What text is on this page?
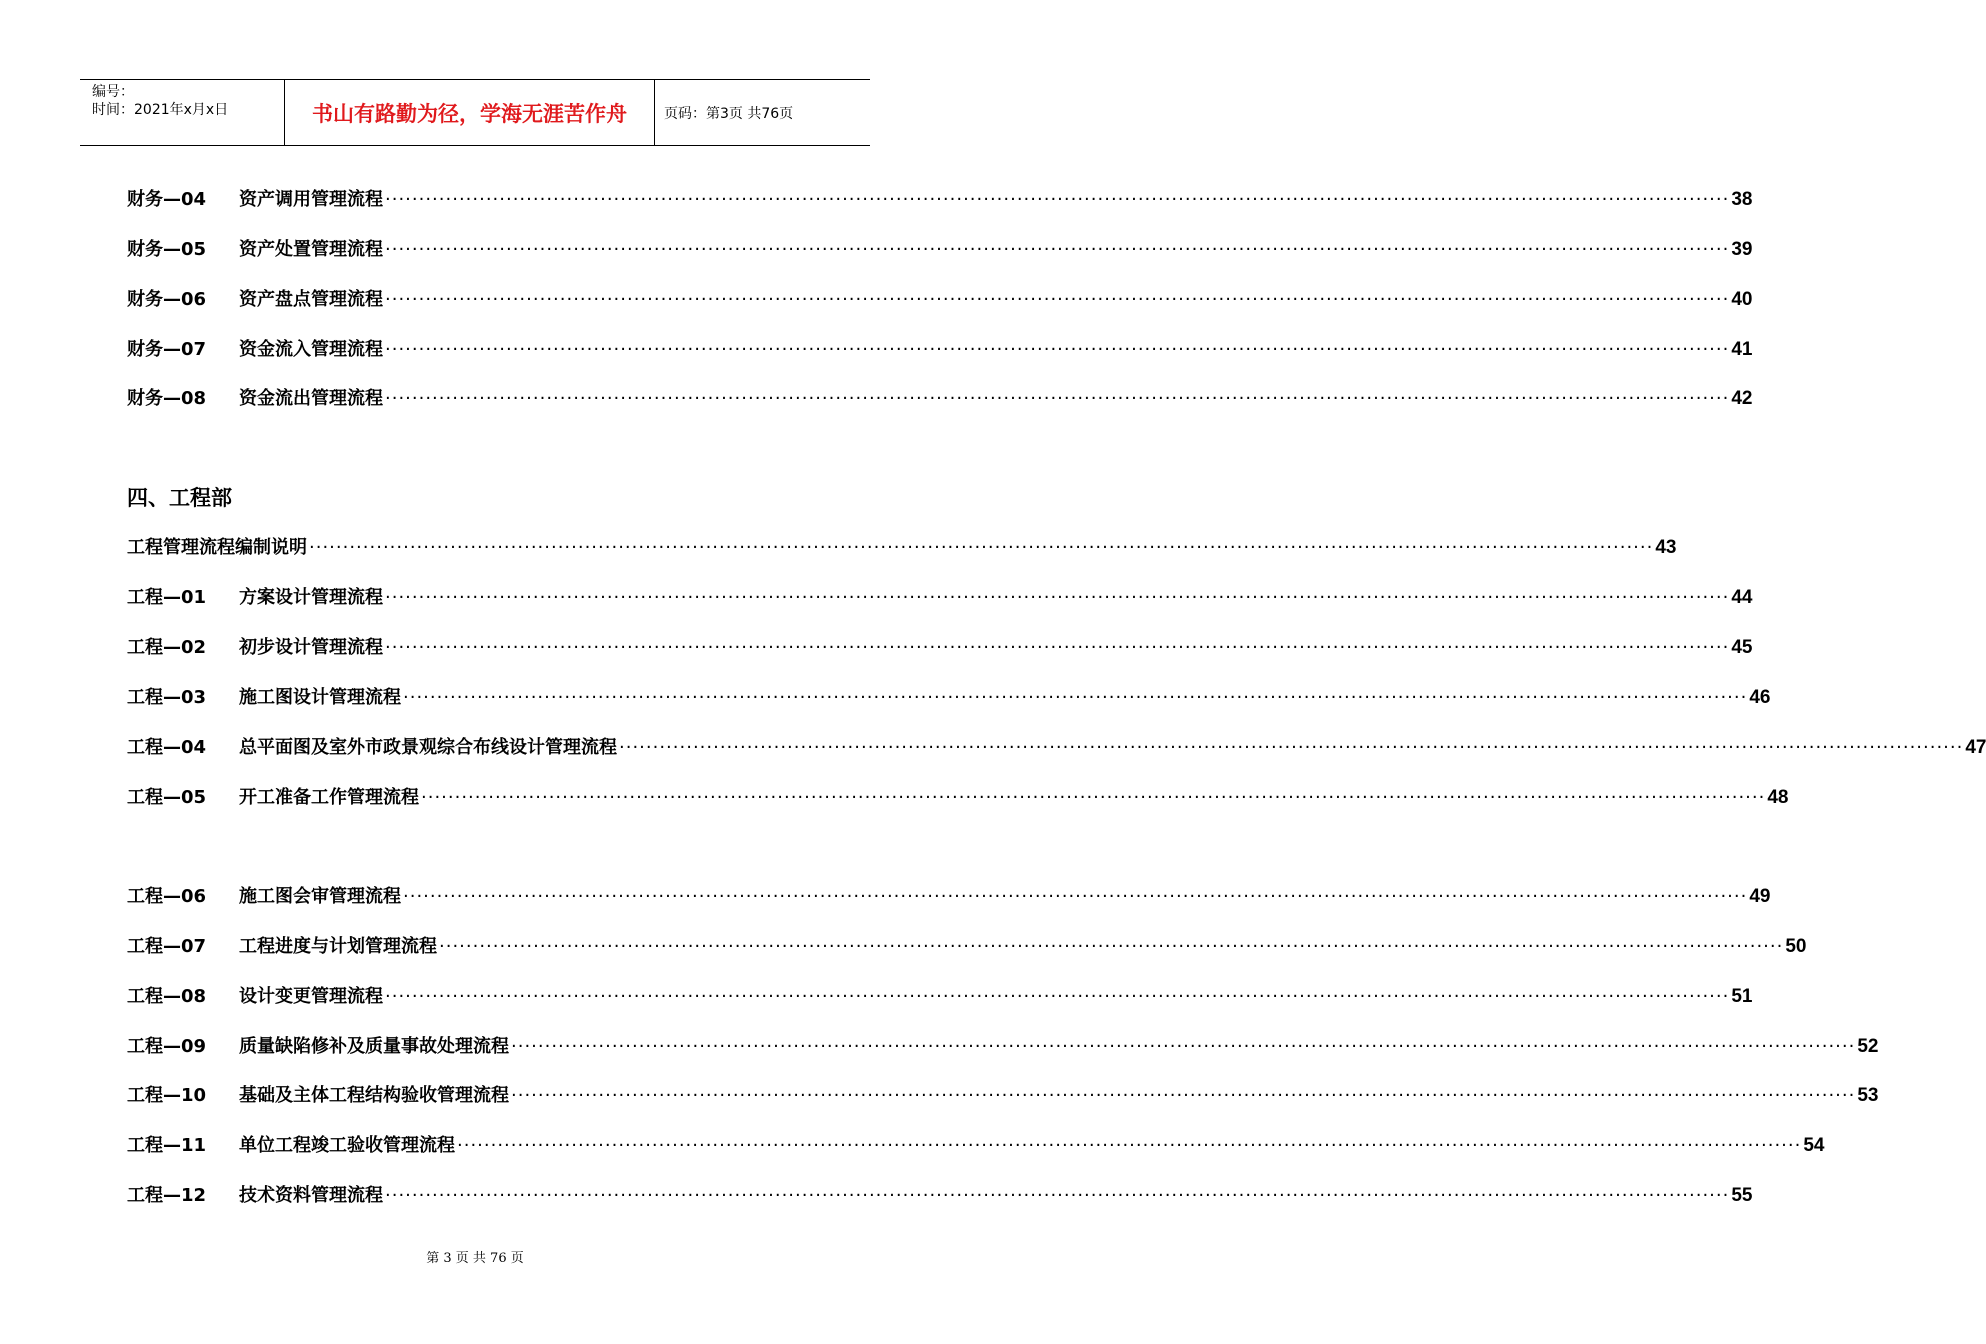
编号：
时间：2021年x月x日	书山有路勤为径，学海无涯苦作舟	页码：第3页 共76页
四、工程部
财务—04	资产调用管理流程 ········································································································································································································ 38
财务—05	资产处置管理流程 ········································································································································································································ 39
财务—06	资产盘点管理流程 ········································································································································································································ 40
财务—07	资金流入管理流程 ········································································································································································································ 41
财务—08	资金流出管理流程 ········································································································································································································ 42
工程管理流程编制说明 ········································································································································································································ 43
工程—01	方案设计管理流程 ········································································································································································································ 44
工程—02	初步设计管理流程 ········································································································································································································ 45
工程—03	施工图设计管理流程 ········································································································································································································ 46
工程—04	总平面图及室外市政景观综合布线设计管理流程 ········································································································································································································ 47
工程—05	开工准备工作管理流程 ········································································································································································································ 48
工程—06	施工图会审管理流程 ········································································································································································································ 49
工程—07	工程进度与计划管理流程 ········································································································································································································ 50
工程—08	设计变更管理流程 ········································································································································································································ 51
工程—09	质量缺陷修补及质量事故处理流程 ········································································································································································································ 52
工程—10	基础及主体工程结构验收管理流程 ········································································································································································································ 53
工程—11	单位工程竣工验收管理流程 ········································································································································································································ 54
工程—12	技术资料管理流程 ········································································································································································································ 55
第 3 页 共 76 页
